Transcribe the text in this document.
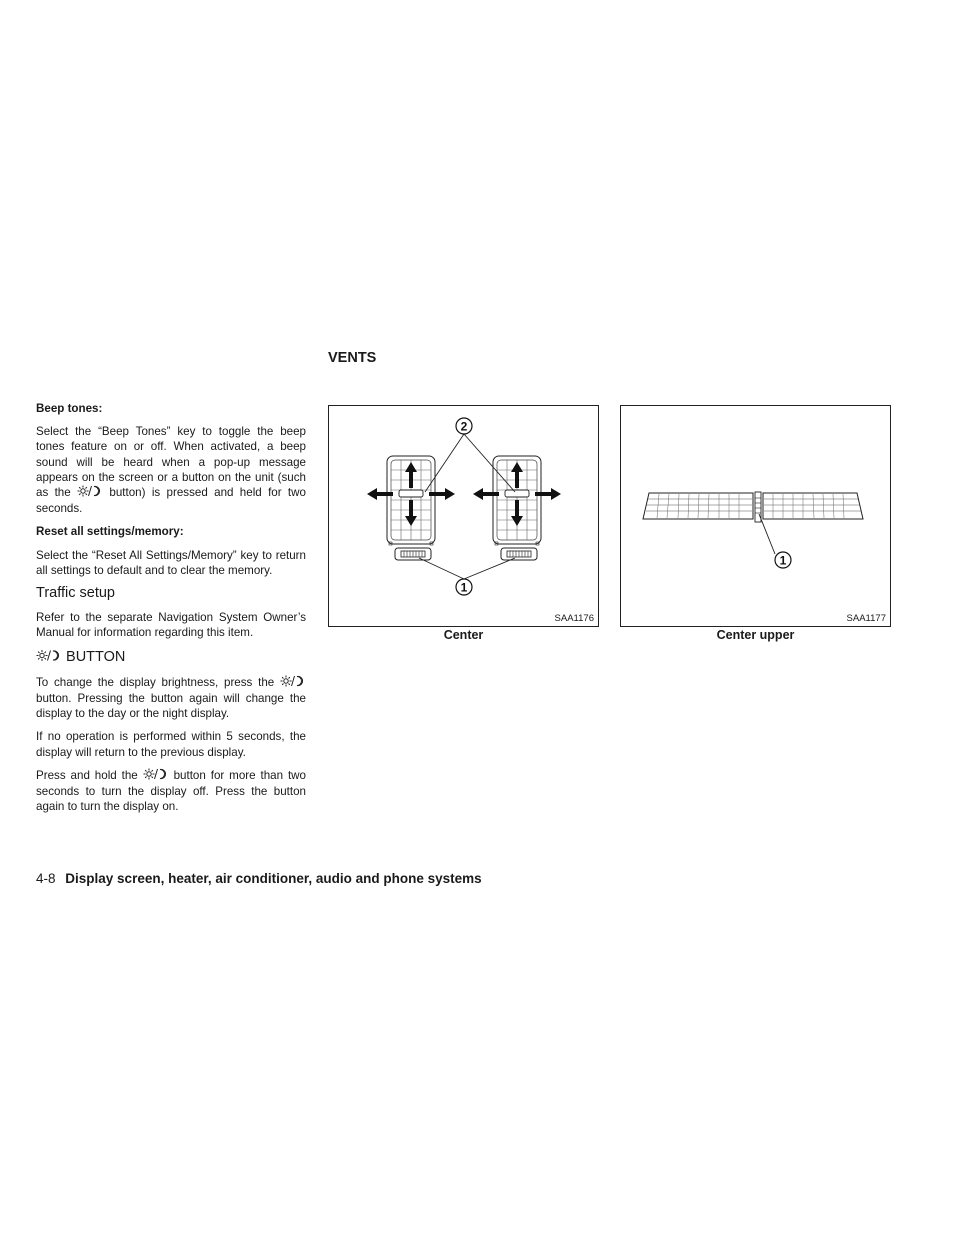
Beep tones:

Select the “Beep Tones” key to toggle the beep tones feature on or off. When activated, a beep sound will be heard when a pop-up message appears on the screen or a button on the unit (such as the	button) is pressed and held for two seconds.

Reset all settings/memory:

Select the “Reset All Settings/Memory” key to return all settings to default and to clear the memory.

Traffic setup

Refer to the separate Navigation System Owner’s Manual for information regarding this item.

BUTTON

To change the display brightness, press the  button. Pressing the button again will change the display to the day or the night display.

If no operation is performed within 5 seconds, the display will return to the previous display.

Press and hold the	button for more than two seconds to turn the display off. Press the button again to turn the display on.

VENTS
2
1
SAA1176
Center
1
SAA1177
Center upper
4-8 Display screen, heater, air conditioner, audio and phone systems
